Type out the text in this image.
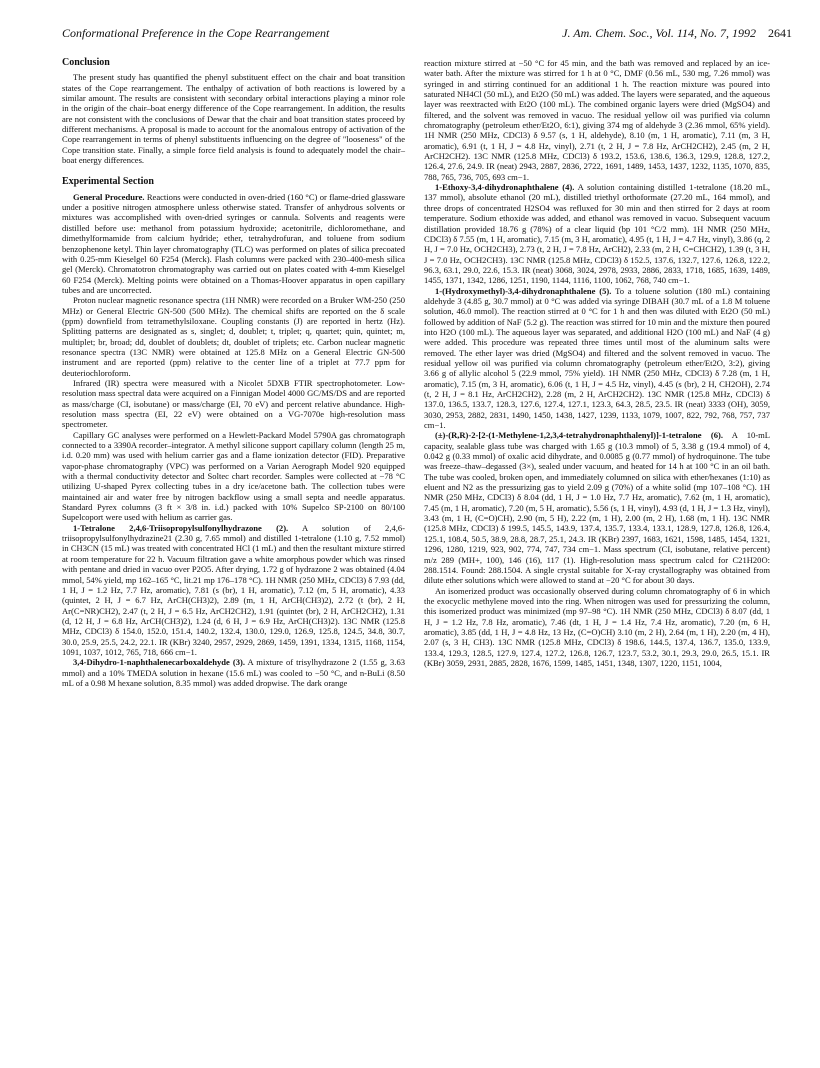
Conformational Preference in the Cope Rearrangement	J. Am. Chem. Soc., Vol. 114, No. 7, 1992 2641
Conclusion

The present study has quantified the phenyl substituent effect on the chair and boat transition states of the Cope rearrangement. The enthalpy of activation of both reactions is lowered by a similar amount. The results are consistent with secondary orbital interactions playing a minor role in the origin of the chair–boat energy difference of the Cope rearrangement. In addition, the results are not consistent with the conclusions of Dewar that the chair and boat transition states proceed by different mechanisms. A proposal is made to account for the anomalous entropy of activation of the Cope rearrangement in terms of phenyl substituents influencing on the degree of "looseness" of the Cope transition state. Finally, a simple force field analysis is found to adequately model the chair–boat energy differences.

Experimental Section

General Procedure. Reactions were conducted in oven-dried (160 °C) or flame-dried glassware under a positive nitrogen atmosphere unless otherwise stated. Transfer of anhydrous solvents or mixtures was accomplished with oven-dried syringes or cannula. Solvents and reagents were distilled before use: methanol from potassium hydroxide; acetonitrile, dichloromethane, and dimethylformamide from calcium hydride; ether, tetrahydrofuran, and toluene from sodium benzophenone ketyl. Thin layer chromatography (TLC) was performed on plates of silica precoated with 0.25-mm Kieselgel 60 F254 (Merck). Flash columns were packed with 230–400-mesh silica gel (Merck). Chromatotron chromatography was carried out on plates coated with 4-mm Kieselgel 60 F254 (Merck). Melting points were obtained on a Thomas-Hoover apparatus in open capillary tubes and are uncorrected.

Proton nuclear magnetic resonance spectra (1H NMR) were recorded on a Bruker WM-250 (250 MHz) or General Electric GN-500 (500 MHz). The chemical shifts are reported on the δ scale (ppm) downfield from tetramethylsiloxane. Coupling constants (J) are reported in hertz (Hz). Splitting patterns are designated as s, singlet; d, doublet; t, triplet; q, quartet; quin, quintet; m, multiplet; br, broad; dd, doublet of doublets; dt, doublet of triplets; etc. Carbon nuclear magnetic resonance spectra (13C NMR) were obtained at 125.8 MHz on a General Electric GN-500 instrument and are reported (ppm) relative to the center line of a triplet at 77.7 ppm for deuteriochloroform.

Infrared (IR) spectra were measured with a Nicolet 5DXB FTIR spectrophotometer. Low-resolution mass spectral data were acquired on a Finnigan Model 4000 GC/MS/DS and are reported as mass/charge (CI, isobutane) or mass/charge (EI, 70 eV) and percent relative abundance. High-resolution mass spectra (EI, 22 eV) were obtained on a VG-7070e high-resolution mass spectrometer.

Capillary GC analyses were performed on a Hewlett-Packard Model 5790A gas chromatograph connected to a 3390A recorder–integrator. A methyl silicone support capillary column (length 25 m, i.d. 0.20 mm) was used with helium carrier gas and a flame ionization detector (FID). Preparative vapor-phase chromatography (VPC) was performed on a Varian Aerograph Model 920 equipped with a thermal conductivity detector and Soltec chart recorder. Samples were collected at −78 °C utilizing U-shaped Pyrex collecting tubes in a dry ice/acetone bath. The collection tubes were maintained air and water free by nitrogen backflow using a small septa and needle apparatus. Standard Pyrex columns (3 ft × 3/8 in. i.d.) packed with 10% Supelco SP-2100 on 80/100 Supelcoport were used with helium as carrier gas.

1-Tetralone 2,4,6-Triisopropylsulfonylhydrazone (2). A solution of 2,4,6-triisopropylsulfonylhydrazine21 (2.30 g, 7.65 mmol) and distilled 1-tetralone (1.10 g, 7.52 mmol) in CH3CN (15 mL) was treated with concentrated HCl (1 mL) and then the resultant mixture stirred at room temperature for 22 h. Vacuum filtration gave a white amorphous powder which was rinsed with pentane and dried in vacuo over P2O5. After drying, 1.72 g of hydrazone 2 was obtained (4.04 mmol, 54% yield, mp 162–165 °C, lit.21 mp 176–178 °C). 1H NMR (250 MHz, CDCl3) δ 7.93 (dd, 1 H, J = 1.2 Hz, 7.7 Hz, aromatic), 7.81 (s (br), 1 H, aromatic), 7.12 (m, 5 H, aromatic), 4.33 (quintet, 2 H, J = 6.7 Hz, ArCH(CH3)2), 2.89 (m, 1 H, ArCH(CH3)2), 2.72 (t (br), 2 H, Ar(C=NR)CH2), 2.47 (t, 2 H, J = 6.5 Hz, ArCH2CH2), 1.91 (quintet (br), 2 H, ArCH2CH2), 1.31 (d, 12 H, J = 6.8 Hz, ArCH(CH3)2), 1.24 (d, 6 H, J = 6.9 Hz, ArCH(CH3)2). 13C NMR (125.8 MHz, CDCl3) δ 154.0, 152.0, 151.4, 140.2, 132.4, 130.0, 129.0, 126.9, 125.8, 124.5, 34.8, 30.7, 30.0, 25.9, 25.5, 24.2, 22.1. IR (KBr) 3240, 2957, 2929, 2869, 1459, 1391, 1334, 1315, 1168, 1154, 1091, 1037, 1012, 765, 718, 666 cm−1.

3,4-Dihydro-1-naphthalenecarboxaldehyde (3). A mixture of trisylhydrazone 2 (1.55 g, 3.63 mmol) and a 10% TMEDA solution in hexane (15.6 mL) was cooled to −50 °C, and n-BuLi (8.50 mL of a 0.98 M hexane solution, 8.35 mmol) was added dropwise. The dark orange

reaction mixture stirred at −50 °C for 45 min, and the bath was removed and replaced by an ice-water bath. After the mixture was stirred for 1 h at 0 °C, DMF (0.56 mL, 530 mg, 7.26 mmol) was syringed in and stirring continued for an additional 1 h. The reaction mixture was poured into saturated NH4Cl (50 mL), and Et2O (50 mL) was added. The layers were separated, and the aqueous layer was reextracted with Et2O (100 mL). The combined organic layers were dried (MgSO4) and filtered, and the solvent was removed in vacuo. The residual yellow oil was purified via column chromatography (petroleum ether/Et2O, 6:1), giving 374 mg of aldehyde 3 (2.36 mmol, 65% yield). 1H NMR (250 MHz, CDCl3) δ 9.57 (s, 1 H, aldehyde), 8.10 (m, 1 H, aromatic), 7.11 (m, 3 H, aromatic), 6.91 (t, 1 H, J = 4.8 Hz, vinyl), 2.71 (t, 2 H, J = 7.8 Hz, ArCH2CH2), 2.45 (m, 2 H, ArCH2CH2). 13C NMR (125.8 MHz, CDCl3) δ 193.2, 153.6, 138.6, 136.3, 129.9, 128.8, 127.2, 126.4, 27.6, 24.9. IR (neat) 2943, 2887, 2836, 2722, 1691, 1489, 1453, 1437, 1232, 1135, 1070, 835, 788, 765, 736, 705, 693 cm−1.

1-Ethoxy-3,4-dihydronaphthalene (4). A solution containing distilled 1-tetralone (18.20 mL, 137 mmol), absolute ethanol (20 mL), distilled triethyl orthoformate (27.20 mL, 164 mmol), and three drops of concentrated H2SO4 was refluxed for 30 min and then stirred for 2 days at room temperature. Sodium ethoxide was added, and ethanol was removed in vacuo. Subsequent vacuum distillation provided 18.76 g (78%) of a clear liquid (bp 101 °C/2 mm). 1H NMR (250 MHz, CDCl3) δ 7.55 (m, 1 H, aromatic), 7.15 (m, 3 H, aromatic), 4.95 (t, 1 H, J = 4.7 Hz, vinyl), 3.86 (q, 2 H, J = 7.0 Hz, OCH2CH3), 2.73 (t, 2 H, J = 7.8 Hz, ArCH2), 2.33 (m, 2 H, C=CHCH2), 1.39 (t, 3 H, J = 7.0 Hz, OCH2CH3). 13C NMR (125.8 MHz, CDCl3) δ 152.5, 137.6, 132.7, 127.6, 126.8, 122.2, 96.3, 63.1, 29.0, 22.6, 15.3. IR (neat) 3068, 3024, 2978, 2933, 2886, 2833, 1718, 1685, 1639, 1489, 1455, 1371, 1342, 1286, 1251, 1190, 1144, 1116, 1100, 1062, 768, 740 cm−1.

1-(Hydroxymethyl)-3,4-dihydronaphthalene (5). To a toluene solution (180 mL) containing aldehyde 3 (4.85 g, 30.7 mmol) at 0 °C was added via syringe DIBAH (30.7 mL of a 1.8 M toluene solution, 46.0 mmol). The reaction stirred at 0 °C for 1 h and then was diluted with Et2O (50 mL) followed by addition of NaF (5.2 g). The reaction was stirred for 10 min and the mixture then poured into H2O (100 mL). The aqueous layer was separated, and additional H2O (100 mL) and NaF (4 g) were added. This procedure was repeated three times until most of the aluminum salts were removed. The ether layer was dried (MgSO4) and filtered and the solvent removed in vacuo. The residual yellow oil was purified via column chromatography (petroleum ether/Et2O, 3:2), giving 3.66 g of allylic alcohol 5 (22.9 mmol, 75% yield). 1H NMR (250 MHz, CDCl3) δ 7.28 (m, 1 H, aromatic), 7.15 (m, 3 H, aromatic), 6.06 (t, 1 H, J = 4.5 Hz, vinyl), 4.45 (s (br), 2 H, CH2OH), 2.74 (t, 2 H, J = 8.1 Hz, ArCH2CH2), 2.28 (m, 2 H, ArCH2CH2). 13C NMR (125.8 MHz, CDCl3) δ 137.0, 136.5, 133.7, 128.3, 127.6, 127.4, 127.1, 123.3, 64.3, 28.5, 23.5. IR (neat) 3333 (OH), 3059, 3030, 2953, 2882, 2831, 1490, 1450, 1438, 1427, 1239, 1133, 1079, 1007, 822, 792, 768, 757, 737 cm−1.

(±)-(R,R)-2-[2-(1-Methylene-1,2,3,4-tetrahydronaphthalenyl)]-1-tetralone (6). A 10-mL capacity, sealable glass tube was charged with 1.65 g (10.3 mmol) of 5, 3.38 g (19.4 mmol) of 4, 0.042 g (0.33 mmol) of oxalic acid dihydrate, and 0.0085 g (0.77 mmol) of hydroquinone. The tube was freeze–thaw–degassed (3×), sealed under vacuum, and heated for 14 h at 100 °C in an oil bath. The tube was cooled, broken open, and immediately columned on silica with ether/hexanes (1:10) as eluent and N2 as the pressurizing gas to yield 2.09 g (70%) of a white solid (mp 107–108 °C). 1H NMR (250 MHz, CDCl3) δ 8.04 (dd, 1 H, J = 1.0 Hz, 7.7 Hz, aromatic), 7.62 (m, 1 H, aromatic), 7.45 (m, 1 H, aromatic), 7.20 (m, 5 H, aromatic), 5.56 (s, 1 H, vinyl), 4.93 (d, 1 H, J = 1.3 Hz, vinyl), 3.43 (m, 1 H, (C=O)CH), 2.90 (m, 5 H), 2.22 (m, 1 H), 2.00 (m, 2 H), 1.68 (m, 1 H). 13C NMR (125.8 MHz, CDCl3) δ 199.5, 145.5, 143.9, 137.4, 135.7, 133.4, 133.1, 128.9, 127.8, 126.8, 126.4, 125.1, 108.4, 50.5, 38.9, 28.8, 28.7, 25.1, 24.3. IR (KBr) 2397, 1683, 1621, 1598, 1485, 1454, 1321, 1296, 1280, 1219, 923, 902, 774, 747, 734 cm−1. Mass spectrum (CI, isobutane, relative percent) m/z 289 (MH+, 100), 146 (16), 117 (1). High-resolution mass spectrum calcd for C21H20O: 288.1514. Found: 288.1504. A single crystal suitable for X-ray crystallography was obtained from dilute ether solutions which were allowed to stand at −20 °C for about 30 days.

An isomerized product was occasionally observed during column chromatography of 6 in which the exocyclic methylene moved into the ring. When nitrogen was used for pressurizing the column, this isomerized product was minimized (mp 97–98 °C). 1H NMR (250 MHz, CDCl3) δ 8.07 (dd, 1 H, J = 1.2 Hz, 7.8 Hz, aromatic), 7.46 (dt, 1 H, J = 1.4 Hz, 7.4 Hz, aromatic), 7.20 (m, 6 H, aromatic), 3.85 (dd, 1 H, J = 4.8 Hz, 13 Hz, (C=O)CH) 3.10 (m, 2 H), 2.64 (m, 1 H), 2.20 (m, 4 H), 2.07 (s, 3 H, CH3). 13C NMR (125.8 MHz, CDCl3) δ 198.6, 144.5, 137.4, 136.7, 135.0, 133.9, 133.4, 129.3, 128.5, 127.9, 127.4, 127.2, 126.8, 126.7, 123.7, 53.2, 30.1, 29.3, 29.0, 26.5, 15.1. IR (KBr) 3059, 2931, 2885, 2828, 1676, 1599, 1485, 1451, 1348, 1307, 1220, 1151, 1004,
